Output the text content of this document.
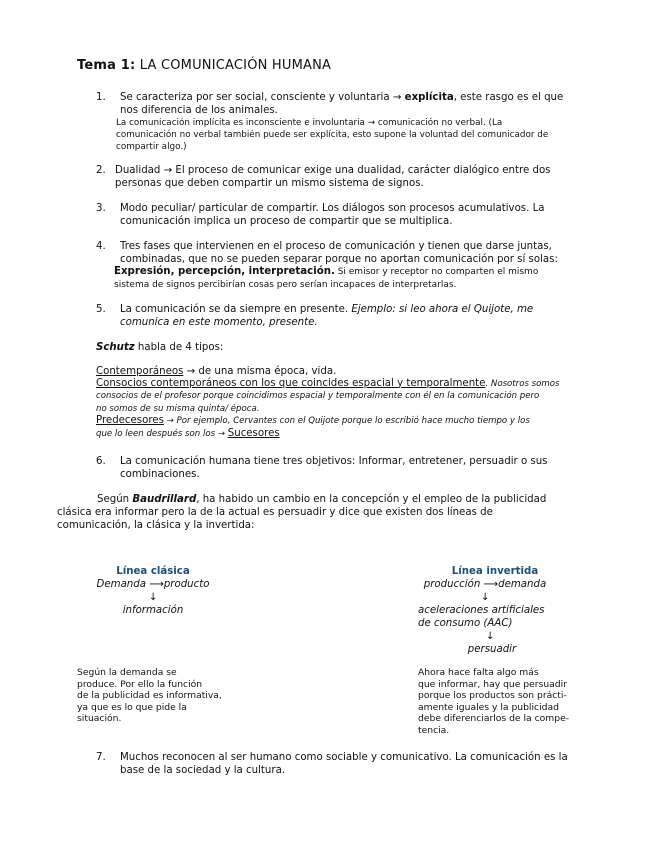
Tema 1: LA COMUNICACIÓN HUMANA
1. Se caracteriza por ser social, consciente y voluntaria → explícita, este rasgo es el que
nos diferencia de los animales.
La comunicación implícita es inconsciente e involuntaria → comunicación no verbal. (La
comunicación no verbal también puede ser explícita, esto supone la voluntad del comunicador de
compartir algo.)
2. Dualidad → El proceso de comunicar exige una dualidad, carácter dialógico entre dos
personas que deben compartir un mismo sistema de signos.
3. Modo peculiar/ particular de compartir. Los diálogos son procesos acumulativos. La
comunicación implica un proceso de compartir que se multiplica.
4. Tres fases que intervienen en el proceso de comunicación y tienen que darse juntas,
combinadas, que no se pueden separar porque no aportan comunicación por sí solas:
Expresión, percepción, interpretación. Si emisor y receptor no comparten el mismo
sistema de signos percibirían cosas pero serían incapaces de interpretarlas.
5. La comunicación se da siempre en presente. Ejemplo: si leo ahora el Quijote, me
comunica en este momento, presente.
Schutz habla de 4 tipos:
Contemporáneos → de una misma época, vida.
Consocios contemporáneos con los que coincides espacial y temporalmente. Nosotros somos
consocios de el profesor porque coincidimos espacial y temporalmente con él en la comunicación pero
no somos de su misma quinta/ época.
Predecesores → Por ejemplo, Cervantes con el Quijote porque lo escribió hace mucho tiempo y los
que lo leen después son los → Sucesores
6. La comunicación humana tiene tres objetivos: Informar, entretener, persuadir o sus
combinaciones.
Según Baudrillard, ha habido un cambio en la concepción y el empleo de la publicidad
clásica era informar pero la de la actual es persuadir y dice que existen dos líneas de
comunicación, la clásica y la invertida:
Línea clásica
Demanda ⟶producto
↓
información
Línea invertida
producción ⟶demanda
↓
aceleraciones artificiales
de consumo (AAC)
↓
persuadir
Según la demanda se
produce. Por ello la función
de la publicidad es informativa,
ya que es lo que pide la
situación.
Ahora hace falta algo más
que informar, hay que persuadir
porque los productos son prácti-
amente iguales y la publicidad
debe diferenciarlos de la compe-
tencia.
7. Muchos reconocen al ser humano como sociable y comunicativo. La comunicación es la
base de la sociedad y la cultura.
